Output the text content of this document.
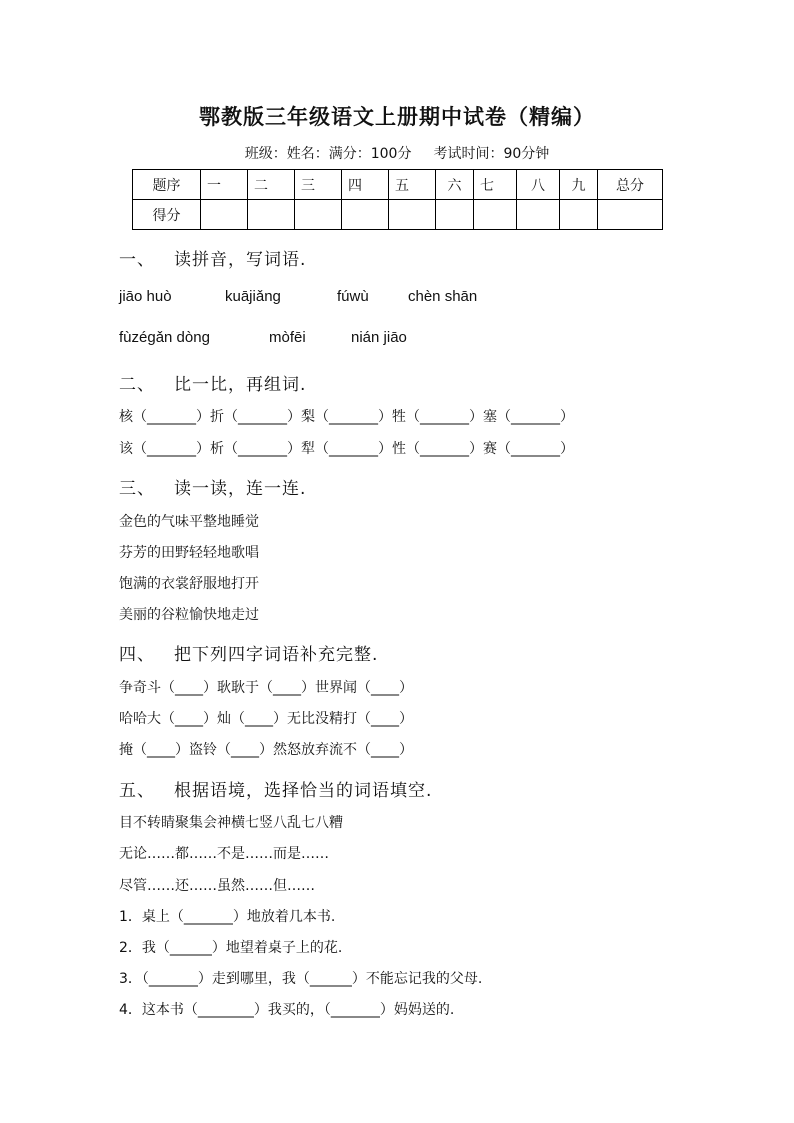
鄂教版三年级语文上册期中试卷（精编）
班级：姓名：满分：100分 考试时间：90分钟
题序	一	二	三	四	五	六	七	八	九	总分
得分										
一、 读拼音，写词语.
jiāo huò	kuājiǎng	fúwù	chèn shān
fùzégǎn dòng	mòfēi	nián jiāo
二、 比一比，再组词.
核（_______）折（_______）梨（_______）牲（_______）塞（_______）
该（_______）析（_______）犁（_______）性（_______）赛（_______）
三、 读一读，连一连.
金色的气味平整地睡觉
芬芳的田野轻轻地歌唱
饱满的衣裳舒服地打开
美丽的谷粒愉快地走过
四、 把下列四字词语补充完整.
争奇斗（____）耿耿于（____）世界闻（____）
哈哈大（____）灿（____）无比没精打（____）
掩（____）盗铃（____）然怒放弃流不（____）
五、 根据语境，选择恰当的词语填空.
目不转睛聚集会神横七竖八乱七八糟
无论……都……不是……而是……
尽管……还……虽然……但……
1．桌上（_______）地放着几本书.
2．我（______）地望着桌子上的花.
3．（_______）走到哪里，我（______）不能忘记我的父母.
4．这本书（________）我买的，（_______）妈妈送的.
